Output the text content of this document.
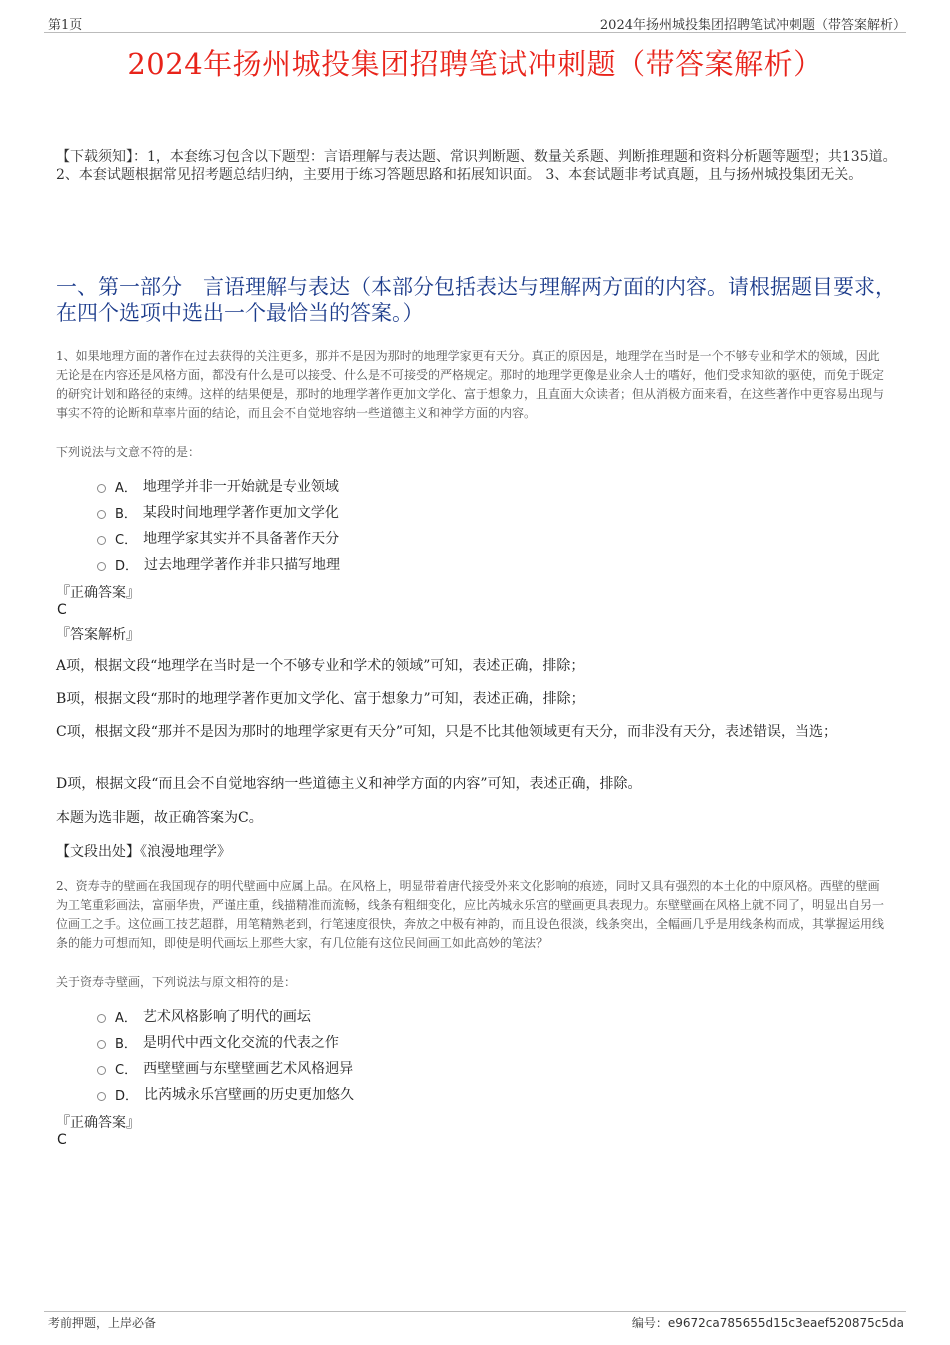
第1页	2024年扬州城投集团招聘笔试冲刺题（带答案解析）
2024年扬州城投集团招聘笔试冲刺题（带答案解析）
【下载须知】：1，本套练习包含以下题型：言语理解与表达题、常识判断题、数量关系题、判断推理题和资料分析题等题型；共135道。 2、本套试题根据常见招考题总结归纳，主要用于练习答题思路和拓展知识面。 3、本套试题非考试真题，且与扬州城投集团无关。
一、第一部分　言语理解与表达（本部分包括表达与理解两方面的内容。请根据题目要求，在四个选项中选出一个最恰当的答案。）
1、如果地理方面的著作在过去获得的关注更多，那并不是因为那时的地理学家更有天分。真正的原因是，地理学在当时是一个不够专业和学术的领域，因此无论是在内容还是风格方面，都没有什么是可以接受、什么是不可接受的严格规定。那时的地理学更像是业余人士的嗜好，他们受求知欲的驱使，而免于既定的研究计划和路径的束缚。这样的结果便是，那时的地理学著作更加文学化、富于想象力，且直面大众读者；但从消极方面来看，在这些著作中更容易出现与事实不符的论断和草率片面的结论，而且会不自觉地容纳一些道德主义和神学方面的内容。
下列说法与文意不符的是：
A． 地理学并非一开始就是专业领域
B． 某段时间地理学著作更加文学化
C． 地理学家其实并不具备著作天分
D． 过去地理学著作并非只描写地理
『正确答案』
C
『答案解析』
A项，根据文段“地理学在当时是一个不够专业和学术的领域”可知，表述正确，排除；
B项，根据文段“那时的地理学著作更加文学化、富于想象力”可知，表述正确，排除；
C项，根据文段“那并不是因为那时的地理学家更有天分”可知，只是不比其他领域更有天分，而非没有天分，表述错误，当选；
D项，根据文段“而且会不自觉地容纳一些道德主义和神学方面的内容”可知，表述正确，排除。
本题为选非题，故正确答案为C。
【文段出处】《浪漫地理学》
2、资寿寺的壁画在我国现存的明代壁画中应属上品。在风格上，明显带着唐代接受外来文化影响的痕迹，同时又具有强烈的本土化的中原风格。西壁的壁画为工笔重彩画法，富丽华贵，严谨庄重，线描精准而流畅，线条有粗细变化，应比芮城永乐宫的壁画更具表现力。东壁壁画在风格上就不同了，明显出自另一位画工之手。这位画工技艺超群，用笔精熟老到，行笔速度很快，奔放之中极有神韵，而且设色很淡，线条突出，全幅画几乎是用线条构而成，其掌握运用线条的能力可想而知，即使是明代画坛上那些大家，有几位能有这位民间画工如此高妙的笔法？
关于资寿寺壁画，下列说法与原文相符的是：
A． 艺术风格影响了明代的画坛
B． 是明代中西文化交流的代表之作
C． 西壁壁画与东壁壁画艺术风格迥异
D． 比芮城永乐宫壁画的历史更加悠久
『正确答案』
C
考前押题，上岸必备	编号：e9672ca785655d15c3eaef520875c5da
